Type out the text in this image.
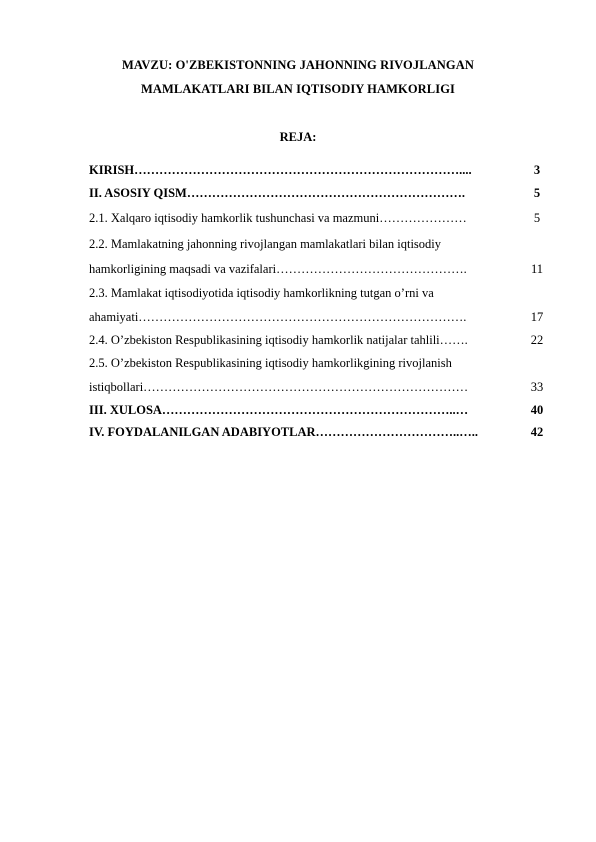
MAVZU: O'ZBEKISTONNING JAHONNING RIVOJLANGAN
MAMLAKATLARI BILAN IQTISODIY HAMKORLIGI
REJA:
KIRISH……………………………………………………………………....	3
II. ASOSIY QISM………………………………………………………….	5
2.1. Xalqaro iqtisodiy hamkorlik tushunchasi va mazmuni…………………	5
2.2. Mamlakatning jahonning rivojlangan mamlakatlari bilan iqtisodiy
hamkorligining maqsadi va vazifalari……………………………………….	11
2.3. Mamlakat iqtisodiyotida iqtisodiy hamkorlikning tutgan o’rni va
ahamiyati…………………………………………………………………….	17
2.4. O’zbekiston Respublikasining iqtisodiy hamkorlik natijalar tahlili…….	22
2.5. O’zbekiston Respublikasining iqtisodiy hamkorlikgining rivojlanish
istiqbollari……………………………………………………………………	33
III. XULOSA……………………………………………………………..…	40
IV. FOYDALANILGAN ADABIYOTLAR……………………………..…..	42
